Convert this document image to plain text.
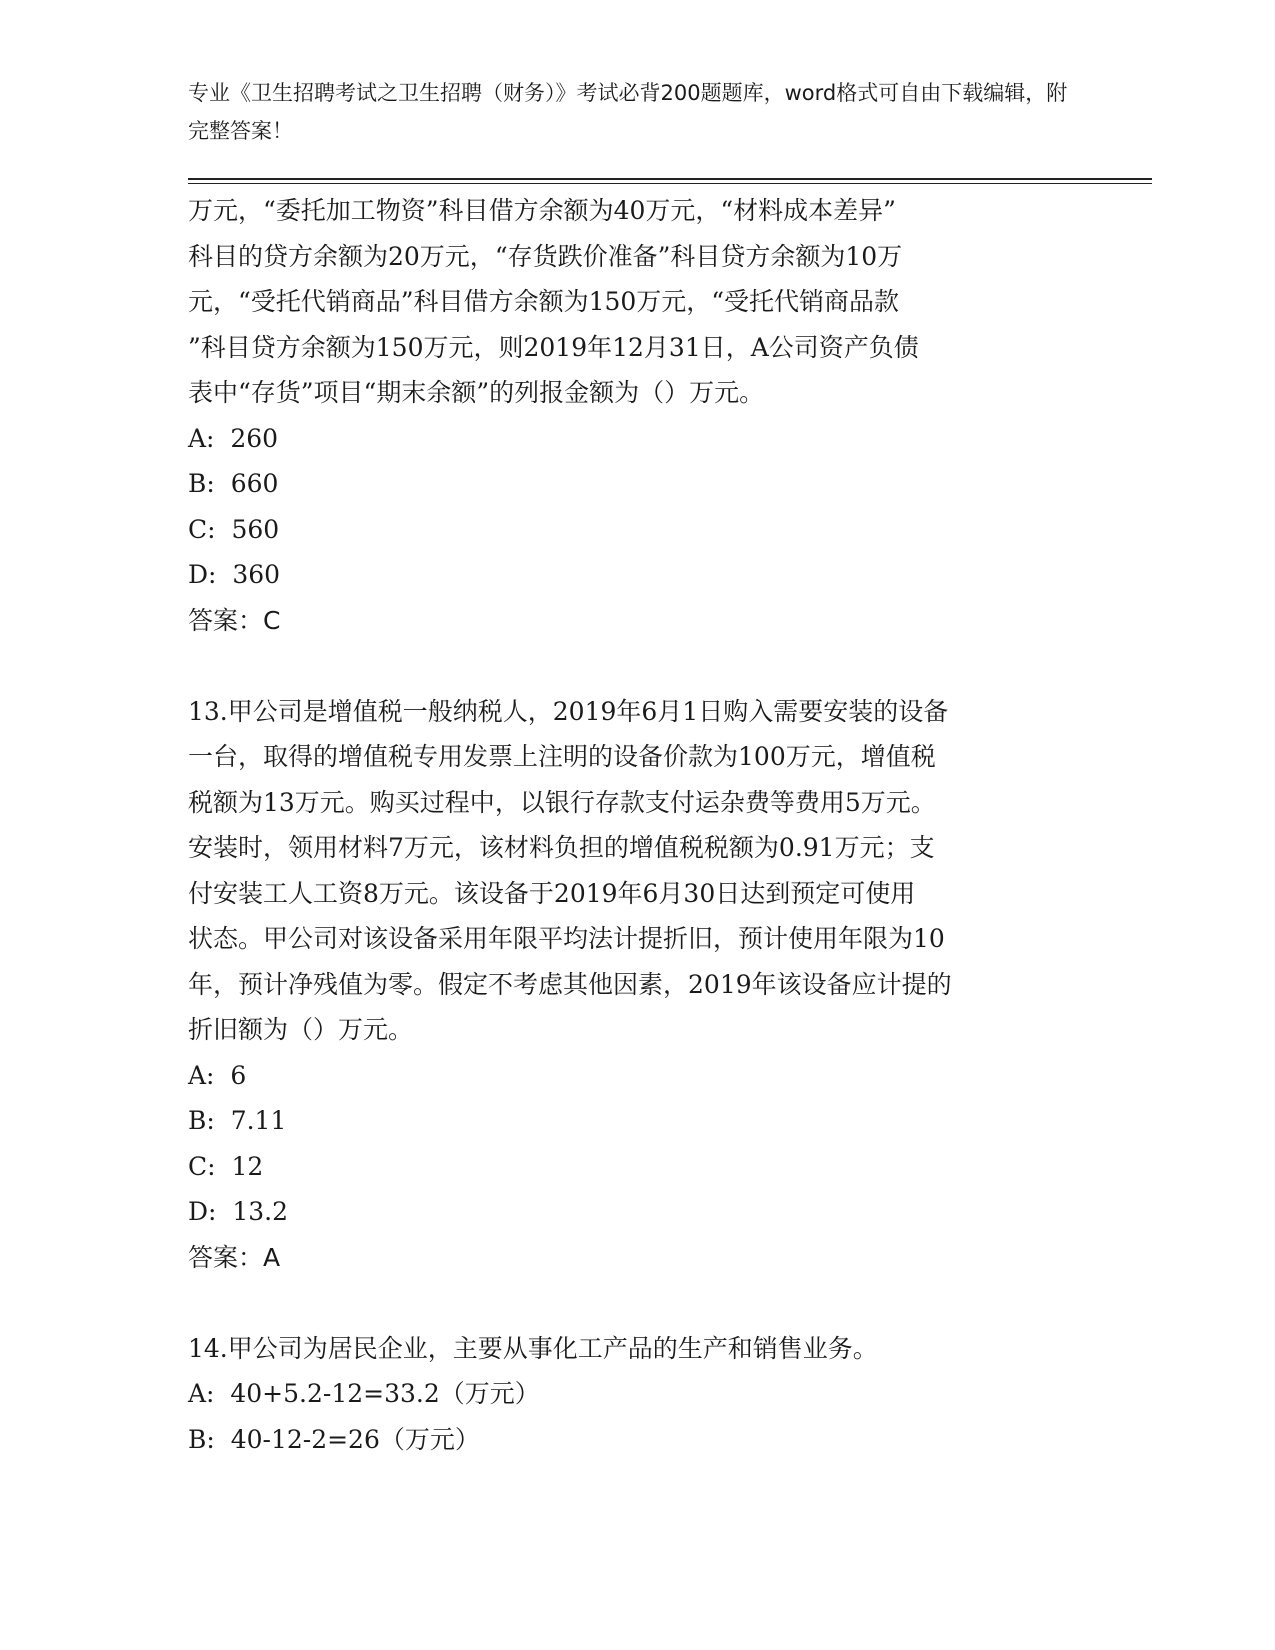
专业《卫生招聘考试之卫生招聘（财务）》考试必背200题题库，word格式可自由下载编辑，附完整答案！

万元，“委托加工物资”科目借方余额为40万元，“材料成本差异”

科目的贷方余额为20万元，“存货跌价准备”科目贷方余额为10万

元，“受托代销商品”科目借方余额为150万元，“受托代销商品款

”科目贷方余额为150万元，则2019年12月31日，A公司资产负债

表中“存货”项目“期末余额”的列报金额为（）万元。

A:  260

B:  660

C:  560

D:  360

答案：C

13.甲公司是增值税一般纳税人，2019年6月1日购入需要安装的设备

一台，取得的增值税专用发票上注明的设备价款为100万元，增值税

税额为13万元。购买过程中，以银行存款支付运杂费等费用5万元。

安装时，领用材料7万元，该材料负担的增值税税额为0.91万元；支

付安装工人工资8万元。该设备于2019年6月30日达到预定可使用

状态。甲公司对该设备采用年限平均法计提折旧，预计使用年限为10

年，预计净残值为零。假定不考虑其他因素，2019年该设备应计提的

折旧额为（）万元。

A:  6

B:  7.11

C:  12

D:  13.2

答案：A

14.甲公司为居民企业，主要从事化工产品的生产和销售业务。

A:  40+5.2-12=33.2（万元）

B:  40-12-2=26（万元）
